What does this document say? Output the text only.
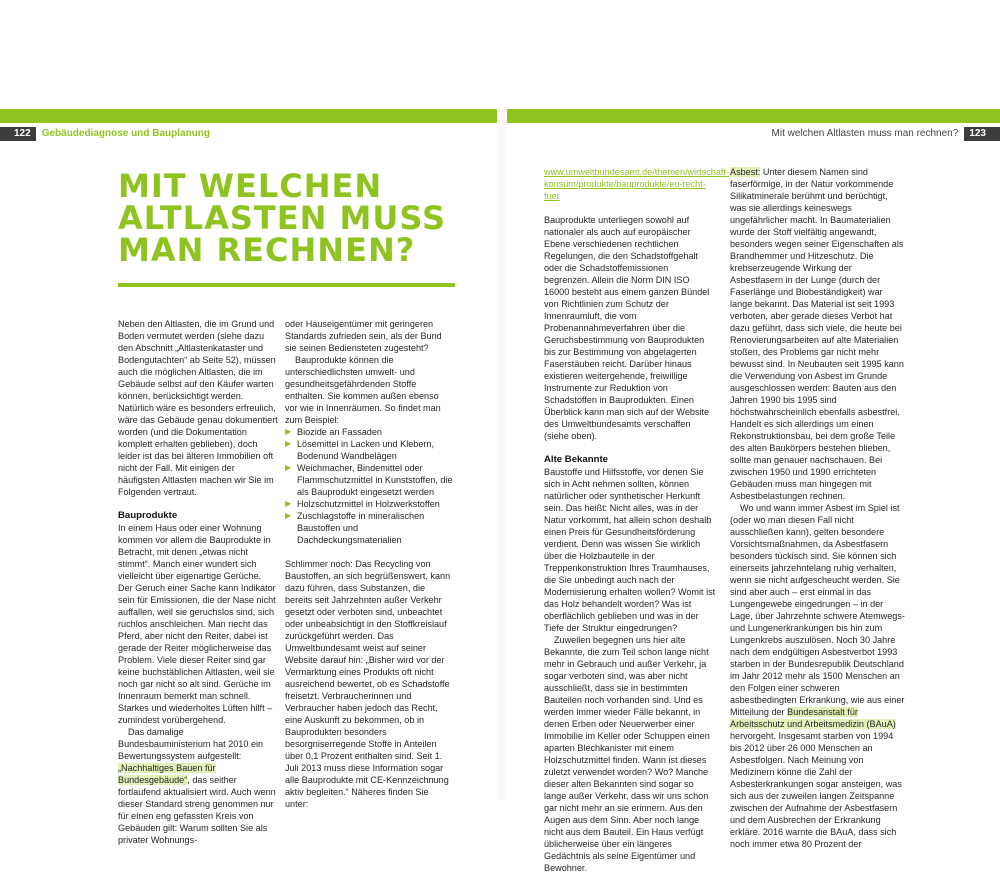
122 Gebäudediagnose und Bauplanung	Mit welchen Altlasten muss man rechnen? 123
MIT WELCHEN
ALTLASTEN MUSS
MAN RECHNEN?

Neben den Altlasten, die im Grund und Boden vermutet werden (siehe dazu den Abschnitt „Altlastenkataster und Bodengutachten“ ab Seite 52), müssen auch die möglichen Altlasten, die im Gebäude selbst auf den Käufer warten können, berücksichtigt werden. Natürlich wäre es besonders erfreulich, wäre das Gebäude genau dokumentiert worden (und die Dokumentation komplett erhalten geblieben), doch leider ist das bei älteren Immobilien oft nicht der Fall. Mit einigen der häufigsten Altlasten machen wir Sie im Folgenden vertraut.

Bauprodukte

In einem Haus oder einer Wohnung kommen vor allem die Bauprodukte in Betracht, mit denen „etwas nicht stimmt“. Manch einer wundert sich vielleicht über eigenartige Gerüche. Der Geruch einer Sache kann Indikator sein für Emissionen, die der Nase nicht auffallen, weil sie geruchslos sind, sich ruchlos anschleichen. Man riecht das Pferd, aber nicht den Reiter, dabei ist gerade der Reiter möglicherweise das Problem. Viele dieser Reiter sind gar keine buchstäblichen Altlasten, weil sie noch gar nicht so alt sind. Gerüche im Innenraum bemerkt man schnell. Starkes und wiederholtes Lüften hilft – zumindest vorübergehend.

Das damalige Bundesbauministerium hat 2010 ein Bewertungssystem aufgestellt: „Nachhaltiges Bauen für Bundesgebäude“, das seither fortlaufend aktualisiert wird. Auch wenn dieser Standard streng genommen nur für einen eng gefassten Kreis von Gebäuden gilt: Warum sollten Sie als privater Wohnungs-

oder Hauseigentümer mit geringeren Standards zufrieden sein, als der Bund sie seinen Bediensteten zugesteht?

Bauprodukte können die unterschiedlichsten umwelt- und gesundheitsgefährdenden Stoffe enthalten. Sie kommen außen ebenso vor wie in Innenräumen. So findet man zum Beispiel:

▶ Biozide an Fassaden
▶ Lösemittel in Lacken und Klebern, Bodenund Wandbelägen
▶ Weichmacher, Bindemittel oder Flammschutzmittel in Kunststoffen, die als Bauprodukt eingesetzt werden
▶ Holzschutzmittel in Holzwerkstoffen
▶ Zuschlagstoffe in mineralischen Baustoffen und Dachdeckungsmaterialien

Schlimmer noch: Das Recycling von Baustoffen, an sich begrüßenswert, kann dazu führen, dass Substanzen, die bereits seit Jahrzehnten außer Verkehr gesetzt oder verboten sind, unbeachtet oder unbeabsichtigt in den Stoffkreislauf zurückgeführt werden. Das Umweltbundesamt weist auf seiner Website darauf hin: „Bisher wird vor der Vermarktung eines Produkts oft nicht ausreichend bewertet, ob es Schadstoffe freisetzt. Verbraucherinnen und Verbraucher haben jedoch das Recht, eine Auskunft zu bekommen, ob in Bauprodukten besonders besorgniserregende Stoffe in Anteilen über 0,1 Prozent enthalten sind. Seit 1. Juli 2013 muss diese Information sogar alle Bauprodukte mit CE-Kennzeichnung aktiv begleiten.“ Näheres finden Sie unter:

www.umweltbundesamt.de/themen/wirtschaft-konsum/produkte/bauprodukte/eu-recht-fuer

Bauprodukte unterliegen sowohl auf nationaler als auch auf europäischer Ebene verschiedenen rechtlichen Regelungen, die den Schadstoffgehalt oder die Schadstoffemissionen begrenzen. Allein die Norm DIN ISO 16000 besteht aus einem ganzen Bündel von Richtlinien zum Schutz der Innenraumluft, die vom Probenannahmeverfahren über die Geruchsbestimmung von Bauprodukten bis zur Bestimmung von abgelagerten Faserstäuben reicht. Darüber hinaus existieren weitergehende, freiwillige Instrumente zur Reduktion von Schadstoffen in Bauprodukten. Einen Überblick kann man sich auf der Website des Umweltbundesamts verschaffen (siehe oben).

Alte Bekannte

Baustoffe und Hilfsstoffe, vor denen Sie sich in Acht nehmen sollten, können natürlicher oder synthetischer Herkunft sein. Das heißt: Nicht alles, was in der Natur vorkommt, hat allein schon deshalb einen Preis für Gesundheitsförderung verdient. Denn was wissen Sie wirklich über die Holzbauteile in der Treppenkonstruktion Ihres Traumhauses, die Sie unbedingt auch nach der Modernisierung erhalten wollen? Womit ist das Holz behandelt worden? Was ist oberflächlich geblieben und was in der Tiefe der Struktur eingedrungen?

Zuweilen begegnen uns hier alte Bekannte, die zum Teil schon lange nicht mehr in Gebrauch und außer Verkehr, ja sogar verboten sind, was aber nicht ausschließt, dass sie in bestimmten Bauteilen noch vorhanden sind. Und es werden immer wieder Fälle bekannt, in denen Erben oder Neuerwerber einer Immobilie im Keller oder Schuppen einen aparten Blechkanister mit einem Holzschutzmittel finden. Wann ist dieses zuletzt verwendet worden? Wo? Manche dieser alten Bekannten sind sogar so lange außer Verkehr, dass wir uns schon gar nicht mehr an sie erinnern. Aus den Augen aus dem Sinn. Aber noch lange nicht aus dem Bauteil. Ein Haus verfügt üblicherweise über ein längeres Gedächtnis als seine Eigentümer und Bewohner.

Asbest: Unter diesem Namen sind faserförmige, in der Natur vorkommende Silikatminerale berühmt und berüchtigt, was sie allerdings keineswegs ungefährlicher macht. In Baumaterialien wurde der Stoff vielfältig angewandt, besonders wegen seiner Eigenschaften als Brandhemmer und Hitzeschutz. Die krebserzeugende Wirkung der Asbestfasern in der Lunge (durch der Faserlänge und Biobeständigkeit) war lange bekannt. Das Material ist seit 1993 verboten, aber gerade dieses Verbot hat dazu geführt, dass sich viele, die heute bei Renovierungsarbeiten auf alte Materialien stoßen, des Problems gar nicht mehr bewusst sind. In Neubauten seit 1995 kann die Verwendung von Asbest im Grunde ausgeschlossen werden: Bauten aus den Jahren 1990 bis 1995 sind höchstwahrscheinlich ebenfalls asbestfrei. Handelt es sich allerdings um einen Rekonstruktionsbau, bei dem große Teile des alten Baukörpers bestehen blieben, sollte man genauer nachschauen. Bei zwischen 1950 und 1990 errichteten Gebäuden muss man hingegen mit Asbestbelastungen rechnen.

Wo und wann immer Asbest im Spiel ist (oder wo man diesen Fall nicht ausschließen kann), gelten besondere Vorsichtsmaßnahmen, da Asbestfasern besonders tückisch sind. Sie können sich einerseits jahrzehntelang ruhig verhalten, wenn sie nicht aufgescheucht werden. Sie sind aber auch – erst einmal in das Lungengewebe eingedrungen – in der Lage, über Jahrzehnte schwere Atemwegs- und Lungenerkrankungen bis hin zum Lungenkrebs auszulösen. Noch 30 Jahre nach dem endgültigen Asbestverbot 1993 starben in der Bundesrepublik Deutschland im Jahr 2012 mehr als 1500 Menschen an den Folgen einer schweren asbestbedingten Erkrankung, wie aus einer Mitteilung der Bundesanstalt für Arbeitsschutz und Arbeitsmedizin (BAuA) hervorgeht. Insgesamt starben von 1994 bis 2012 über 26 000 Menschen an Asbestfolgen. Nach Meinung von Medizinern könne die Zahl der Asbesterkrankungen sogar ansteigen, was sich aus der zuweilen langen Zeitspanne zwischen der Aufnahme der Asbestfasern und dem Ausbrechen der Erkrankung erkläre. 2016 warnte die BAuA, dass sich noch immer etwa 80 Prozent der
